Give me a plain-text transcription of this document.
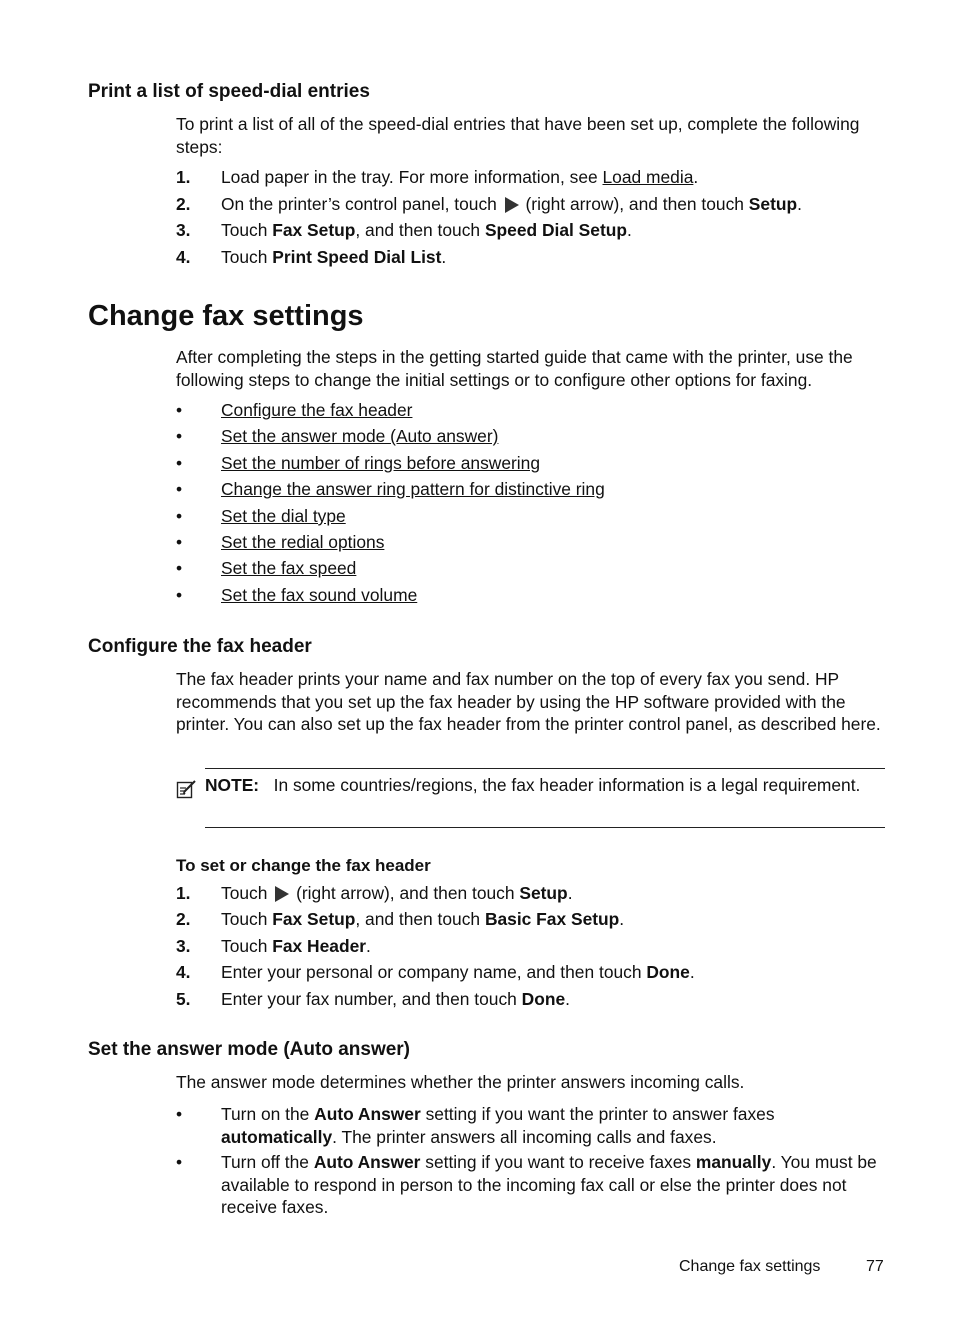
Print a list of speed-dial entries

To print a list of all of the speed-dial entries that have been set up, complete the following steps:

1. Load paper in the tray. For more information, see Load media.
2. On the printer’s control panel, touch  (right arrow), and then touch Setup.
3. Touch Fax Setup, and then touch Speed Dial Setup.
4. Touch Print Speed Dial List.
Change fax settings

After completing the steps in the getting started guide that came with the printer, use the following steps to change the initial settings or to configure other options for faxing.

• Configure the fax header
• Set the answer mode (Auto answer)
• Set the number of rings before answering
• Change the answer ring pattern for distinctive ring
• Set the dial type
• Set the redial options
• Set the fax speed
• Set the fax sound volume
Configure the fax header

The fax header prints your name and fax number on the top of every fax you send. HP recommends that you set up the fax header by using the HP software provided with the printer. You can also set up the fax header from the printer control panel, as described here.

NOTE: In some countries/regions, the fax header information is a legal requirement.
To set or change the fax header
1. Touch  (right arrow), and then touch Setup.
2. Touch Fax Setup, and then touch Basic Fax Setup.
3. Touch Fax Header.
4. Enter your personal or company name, and then touch Done.
5. Enter your fax number, and then touch Done.
Set the answer mode (Auto answer)

The answer mode determines whether the printer answers incoming calls.

• Turn on the Auto Answer setting if you want the printer to answer faxes automatically. The printer answers all incoming calls and faxes.
• Turn off the Auto Answer setting if you want to receive faxes manually. You must be available to respond in person to the incoming fax call or else the printer does not receive faxes.
Change fax settings	77
